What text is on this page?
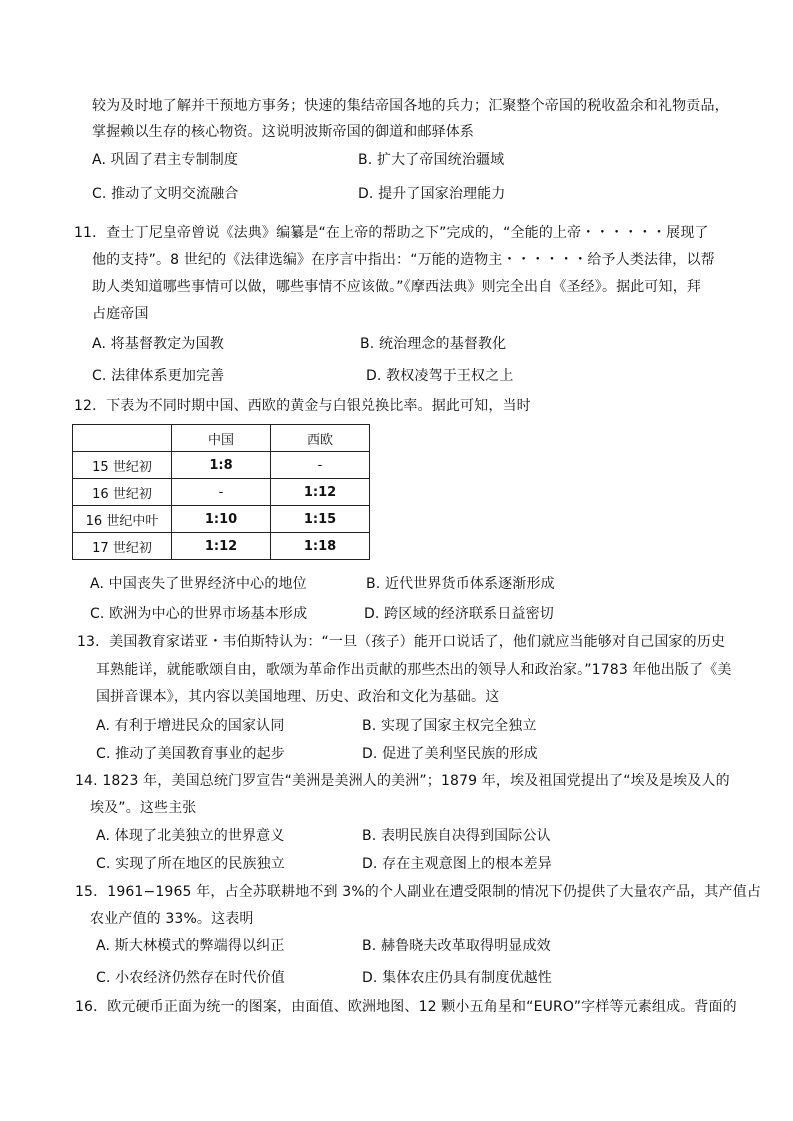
较为及时地了解并干预地方事务；快速的集结帝国各地的兵力；汇聚整个帝国的税收盈余和礼物贡品，
掌握赖以生存的核心物资。这说明波斯帝国的御道和邮驿体系
A. 巩固了君主专制制度	B. 扩大了帝国统治疆域
C. 推动了文明交流融合	D. 提升了国家治理能力
11．查士丁尼皇帝曾说《法典》编纂是“在上帝的帮助之下”完成的，“全能的上帝・・・・・・展现了
他的支持”。8 世纪的《法律选编》在序言中指出：“万能的造物主・・・・・・给予人类法律，以帮
助人类知道哪些事情可以做，哪些事情不应该做。”《摩西法典》则完全出自《圣经》。据此可知，拜
占庭帝国
A. 将基督教定为国教	B. 统治理念的基督教化
C. 法律体系更加完善	D. 教权凌驾于王权之上
12．下表为不同时期中国、西欧的黄金与白银兑换比率。据此可知，当时
	中国	西欧
15 世纪初	1:8	-
16 世纪初	-	1:12
16 世纪中叶	1:10	1:15
17 世纪初	1:12	1:18
A. 中国丧失了世界经济中心的地位	B. 近代世界货币体系逐渐形成
C. 欧洲为中心的世界市场基本形成	D. 跨区域的经济联系日益密切
13．美国教育家诺亚・韦伯斯特认为：“一旦（孩子）能开口说话了，他们就应当能够对自己国家的历史
耳熟能详，就能歌颂自由，歌颂为革命作出贡献的那些杰出的领导人和政治家。”1783 年他出版了《美
国拼音课本》，其内容以美国地理、历史、政治和文化为基础。这
A. 有利于增进民众的国家认同	B. 实现了国家主权完全独立
C. 推动了美国教育事业的起步	D. 促进了美利坚民族的形成
14. 1823 年，美国总统门罗宣告“美洲是美洲人的美洲”；1879 年，埃及祖国党提出了“埃及是埃及人的
埃及”。这些主张
A. 体现了北美独立的世界意义	B. 表明民族自决得到国际公认
C. 实现了所在地区的民族独立	D. 存在主观意图上的根本差异
15．1961−1965 年，占全苏联耕地不到 3%的个人副业在遭受限制的情况下仍提供了大量农产品，其产值占
农业产值的 33%。这表明
A. 斯大林模式的弊端得以纠正	B. 赫鲁晓夫改革取得明显成效
C. 小农经济仍然存在时代价值	D. 集体农庄仍具有制度优越性
16．欧元硬币正面为统一的图案，由面值、欧洲地图、12 颗小五角星和“EURO”字样等元素组成。背面的
